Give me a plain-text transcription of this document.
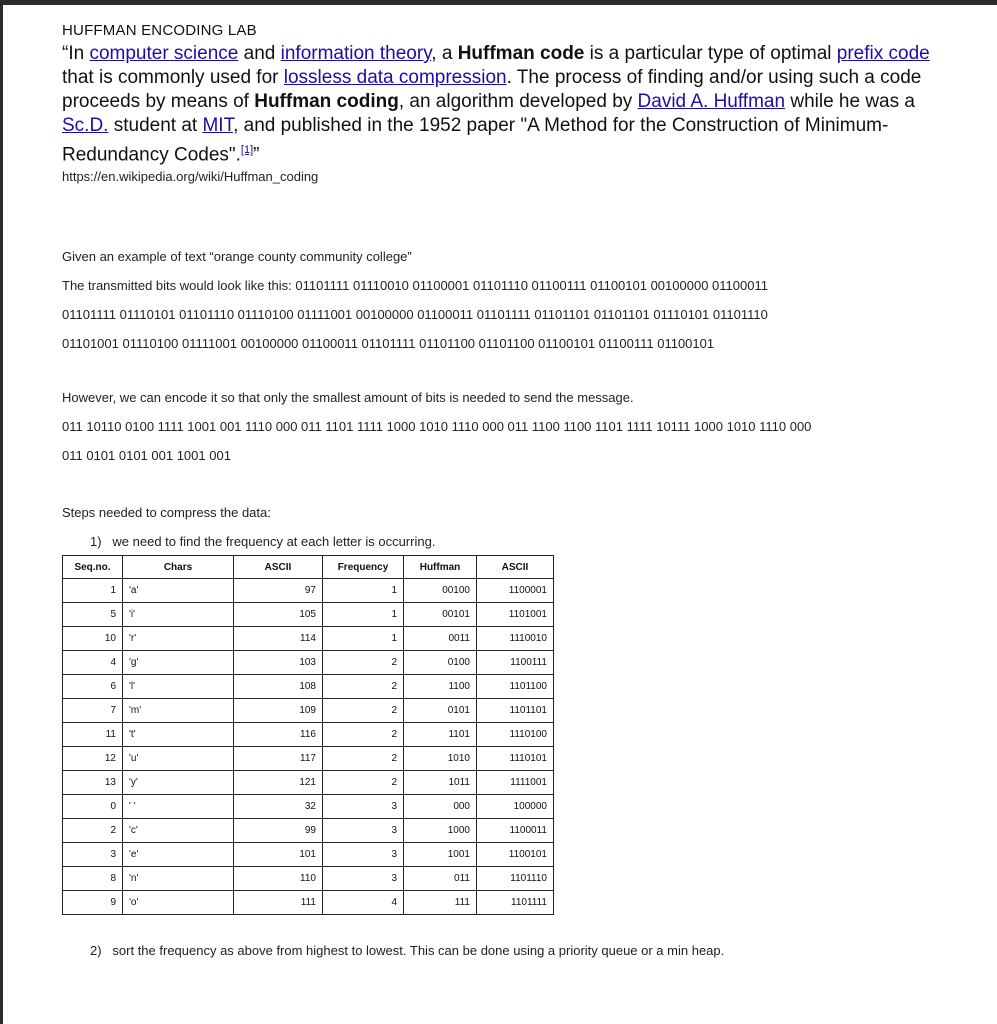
HUFFMAN ENCODING LAB

“In computer science and information theory, a Huffman code is a particular type of optimal prefix code that is commonly used for lossless data compression. The process of finding and/or using such a code proceeds by means of Huffman coding, an algorithm developed by David A. Huffman while he was a Sc.D. student at MIT, and published in the 1952 paper "A Method for the Construction of Minimum-Redundancy Codes".[1]”

https://en.wikipedia.org/wiki/Huffman_coding
Given an example of text “orange county community college”
The transmitted bits would look like this: 01101111 01110010 01100001 01101110 01100111 01100101 00100000 01100011
01101111 01110101 01101110 01110100 01111001 00100000 01100011 01101111 01101101 01101101 01110101 01101110
01101001 01110100 01111001 00100000 01100011 01101111 01101100 01101100 01100101 01100111 01100101
However, we can encode it so that only the smallest amount of bits is needed to send the message.
011 10110 0100 1111 1001 001 1110 000 011 1101 1111 1000 1010 1110 000 011 1100 1100 1101 1111 10111 1000 1010 1110 000
011 0101 0101 001 1001 001
Steps needed to compress the data:
1) we need to find the frequency at each letter is occurring.
Seq.no.	Chars	ASCII	Frequency	Huffman	ASCII
1	'a'	97	1	00100	1100001
5	'i'	105	1	00101	1101001
10	'r'	114	1	0011	1110010
4	'g'	103	2	0100	1100111
6	'l'	108	2	1100	1101100
7	'm'	109	2	0101	1101101
11	't'	116	2	1101	1110100
12	'u'	117	2	1010	1110101
13	'y'	121	2	1011	1111001
0	' '	32	3	000	100000
2	'c'	99	3	1000	1100011
3	'e'	101	3	1001	1100101
8	'n'	110	3	011	1101110
9	'o'	111	4	111	1101111
2) sort the frequency as above from highest to lowest. This can be done using a priority queue or a min heap.
